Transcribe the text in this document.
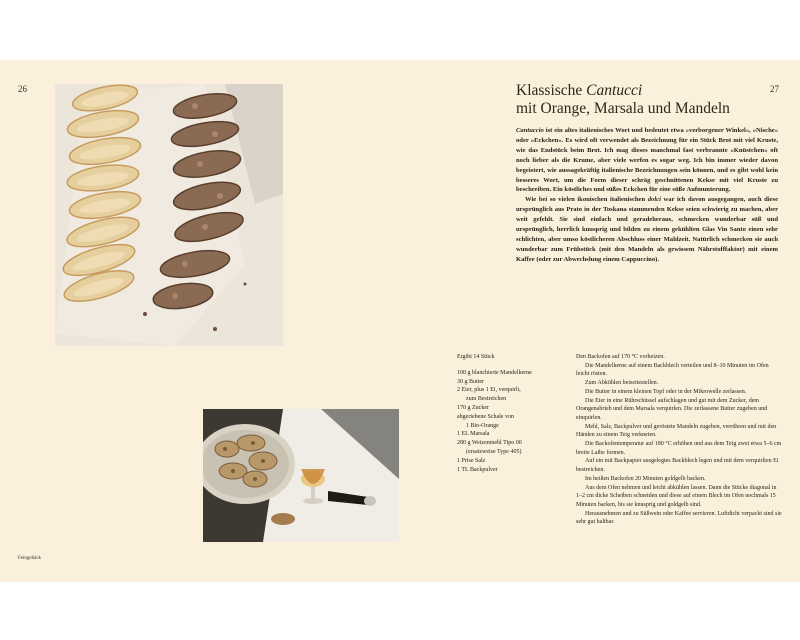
26	27
Klassische Cantucci
mit Orange, Marsala und Mandeln

Cantuccio ist ein altes italienisches Wort und bedeutet etwa »verborgener Winkel«, »Nische« oder »Eckchen«. Es wird oft verwendet als Bezeichnung für ein Stück Brot mit viel Kruste, wie das Endstück beim Brot. Ich mag dieses manchmal fast verbrannte »Knüstchen« oft noch lieber als die Krume, aber viele werfen es sogar weg. Ich bin immer wieder davon begeistert, wie aussagekräftig italienische Bezeichnungen sein können, und es gibt wohl kein besseres Wort, um die Form dieser schräg geschnittenen Kekse mit viel Kruste zu beschreiben. Ein köstliches und süßes Eckchen für eine süße Aufmunterung.

Wie bei so vielen ikonischen italienischen dolci war ich davon ausgegangen, auch diese ursprünglich aus Prato in der Toskana stammenden Kekse seien schwierig zu machen, aber weit gefehlt. Sie sind einfach und geradeheraus, schmecken wunderbar süß und ursprünglich, herrlich knusprig und bilden zu einem gekühlten Glas Vin Santo einen sehr schlichten, aber umso köstlicheren Abschluss einer Mahlzeit. Natürlich schmecken sie auch wunderbar zum Frühstück (mit den Mandeln als gewissem Nährstofffaktor) mit einem Kaffee (oder zur Abwechslung einem Cappuccino).

Ergibt 14 Stück
100 g blanchierte Mandelkerne
30 g Butter
2 Eier, plus 1 Ei, verquirlt,
zum Bestreichen
170 g Zucker
abgeriebene Schale von
1 Bio-Orange
1 EL Marsala
280 g Weizenmehl Tipo 00
(ersatzweise Type 405)
1 Prise Salz
1 TL Backpulver

Den Backofen auf 170 °C vorheizen.

Die Mandelkerne auf einem Backblech verteilen und 8–10 Minuten im Ofen leicht rösten.

Zum Abkühlen beiseitestellen.

Die Butter in einem kleinen Topf oder in der Mikrowelle zerlassen.

Die Eier in eine Rührschüssel aufschlagen und gut mit dem Zucker, dem Orangenabrieb und dem Marsala verquirlen. Die zerlassene Butter zugeben und einquirlen.

Mehl, Salz, Backpulver und geröstete Mandeln zugeben, verrühren und mit den Händen zu einem Teig verkneten.

Die Backofentemperatur auf 180 °C erhöhen und aus dem Teig zwei etwa 5–6 cm breite Laibe formen.

Auf ein mit Backpapier ausgelegtes Backblech legen und mit dem verquirlten Ei bestreichen.

Im heißen Backofen 20 Minuten goldgelb backen.

Aus dem Ofen nehmen und leicht abkühlen lassen. Dann die Stücke diagonal in 1–2 cm dicke Scheiben schneiden und diese auf einem Blech im Ofen nochmals 15 Minuten backen, bis sie knusprig und goldgelb sind.

Herausnehmen und zu Süßwein oder Kaffee servieren. Luftdicht verpackt sind sie sehr gut haltbar.

Feingebäck
